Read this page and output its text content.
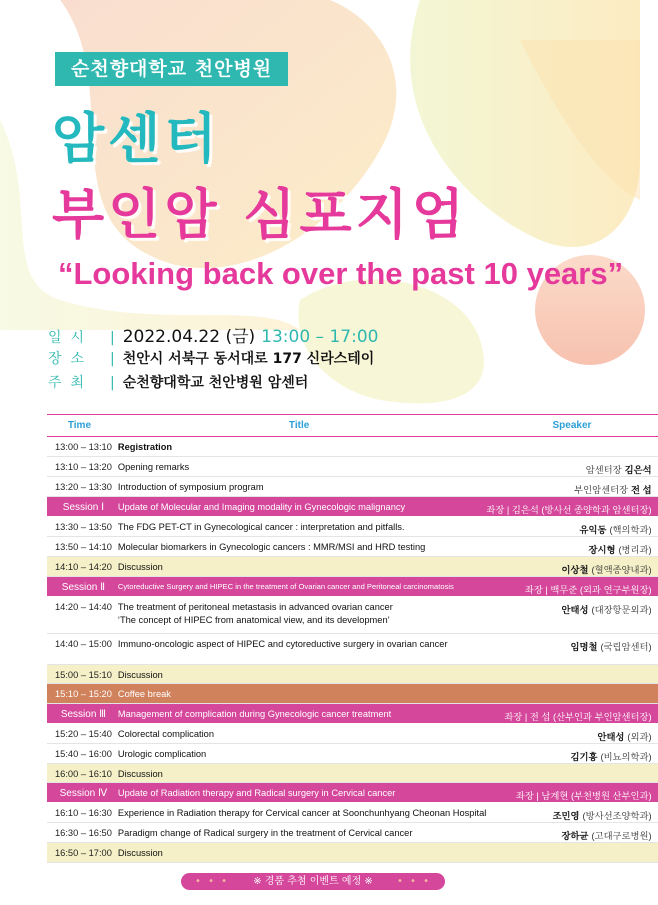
순천향대학교 천안병원
암센터
부인암 심포지엄
“Looking back over the past 10 years”
일시	| 2022.04.22 (금) 13:00 – 17:00
장소	| 천안시 서북구 동서대로 177 신라스테이
주최	| 순천향대학교 천안병원 암센터
Time	Title	Speaker
13:00 – 13:10	Registration	

13:10 – 13:20	Opening remarks	암센터장 김은석
13:20 – 13:30	Introduction of symposium program	부인암센터장 전 섭
Session Ⅰ	Update of Molecular and Imaging modality in Gynecologic malignancy	좌장 | 김은석 (방사선 종양학과 암센터장)
13:30 – 13:50	The FDG PET-CT in Gynecological cancer : interpretation and pitfalls.	유익동 (핵의학과)
13:50 – 14:10	Molecular biomarkers in Gynecologic cancers : MMR/MSI and HRD testing	장시형 (병리과)
14:10 – 14:20	Discussion	이상철 (혈액종양내과)
Session Ⅱ	Cytoreductive Surgery and HIPEC in the treatment of Ovarian cancer and Peritoneal carcinomatosis	좌장 | 백무준 (외과 연구부원장)
14:20 – 14:40	The treatment of peritoneal metastasis in advanced ovarian cancer
‘The concept of HIPEC from anatomical view, and its developmen’	안태성 (대장항문외과)
14:40 – 15:00	Immuno-oncologic aspect of HIPEC and cytoreductive surgery in ovarian cancer	임명철 (국립암센터)
15:00 – 15:10	Discussion	

15:10 – 15:20	Coffee break	

Session Ⅲ	Management of complication during Gynecologic cancer treatment	좌장 | 전 섭 (산부인과 부인암센터장)
15:20 – 15:40	Colorectal complication	안태성 (외과)
15:40 – 16:00	Urologic complication	김기홍 (비뇨의학과)
16:00 – 16:10	Discussion	

Session Ⅳ	Update of Radiation therapy and Radical surgery in Cervical cancer	좌장 | 남계현 (부천병원 산부인과)
16:10 – 16:30	Experience in Radiation therapy for Cervical cancer at Soonchunhyang Cheonan Hospital	조민영 (방사선조양학과)
16:30 – 16:50	Paradigm change of Radical surgery in the treatment of Cervical cancer	장하균 (고대구로병원)
16:50 – 17:00	Discussion	

• • • ※ 경품 추첨 이벤트 예정 ※ • • •
